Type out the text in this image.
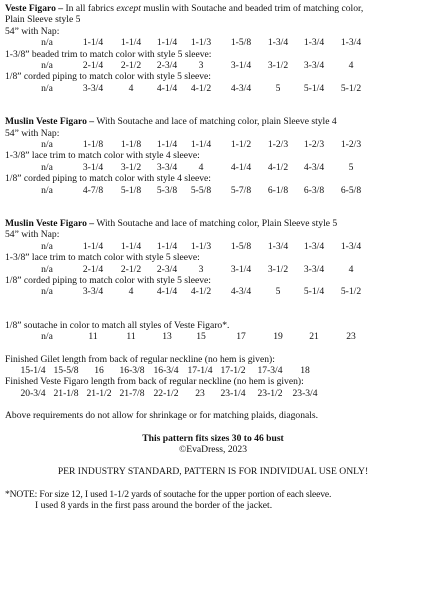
Veste Figaro – In all fabrics except muslin with Soutache and beaded trim of matching color,
Plain Sleeve style 5
54” with Nap:
n/a	1-1/4 1-1/4 1-1/4 1-1/3 1-5/8 1-3/4 1-3/4 1-3/4
1-3/8” beaded trim to match color with style 5 sleeve:
n/a	2-1/4 2-1/2 2-3/4 3	3-1/4 3-1/2 3-3/4	4
1/8” corded piping to match color with style 5 sleeve:
n/a	3-3/4	4 4-1/4 4-1/2 4-3/4	5 5-1/4 5-1/2
Muslin Veste Figaro – With Soutache and lace of matching color, plain Sleeve style 4
54” with Nap:
n/a	1-1/8 1-1/8 1-1/4 1-1/4 1-1/2 1-2/3 1-2/3 1-2/3
1-3/8” lace trim to match color with style 4 sleeve:
n/a	3-1/4 3-1/2 3-3/4 4	4-1/4 4-1/2 4-3/4	5
1/8” corded piping to match color with style 4 sleeve:
n/a	4-7/8 5-1/8 5-3/8 5-5/8 5-7/8 6-1/8 6-3/8 6-5/8
Muslin Veste Figaro – With Soutache and lace of matching color, Plain Sleeve style 5
54” with Nap:
n/a	1-1/4 1-1/4 1-1/4 1-1/3 1-5/8 1-3/4 1-3/4 1-3/4
1-3/8” lace trim to match color with style 5 sleeve:
n/a	2-1/4 2-1/2 2-3/4 3	3-1/4 3-1/2 3-3/4	4
1/8” corded piping to match color with style 5 sleeve:
n/a	3-3/4	4 4-1/4 4-1/2 4-3/4	5 5-1/4 5-1/2
1/8” soutache in color to match all styles of Veste Figaro*.
n/a	11	11	13	15	17	19	21	23
Finished Gilet length from back of regular neckline (no hem is given):
15-1/4 15-5/8 16 16-3/8 16-3/4 17-1/4 17-1/2 17-3/4 18
Finished Veste Figaro length from back of regular neckline (no hem is given):
20-3/4 21-1/8 21-1/2 21-7/8 22-1/2 23 23-1/4 23-1/2 23-3/4
Above requirements do not allow for shrinkage or for matching plaids, diagonals.
This pattern fits sizes 30 to 46 bust
©EvaDress, 2023
PER INDUSTRY STANDARD, PATTERN IS FOR INDIVIDUAL USE ONLY!
*NOTE: For size 12, I used 1-1/2 yards of soutache for the upper portion of each sleeve.
I used 8 yards in the first pass around the border of the jacket.
